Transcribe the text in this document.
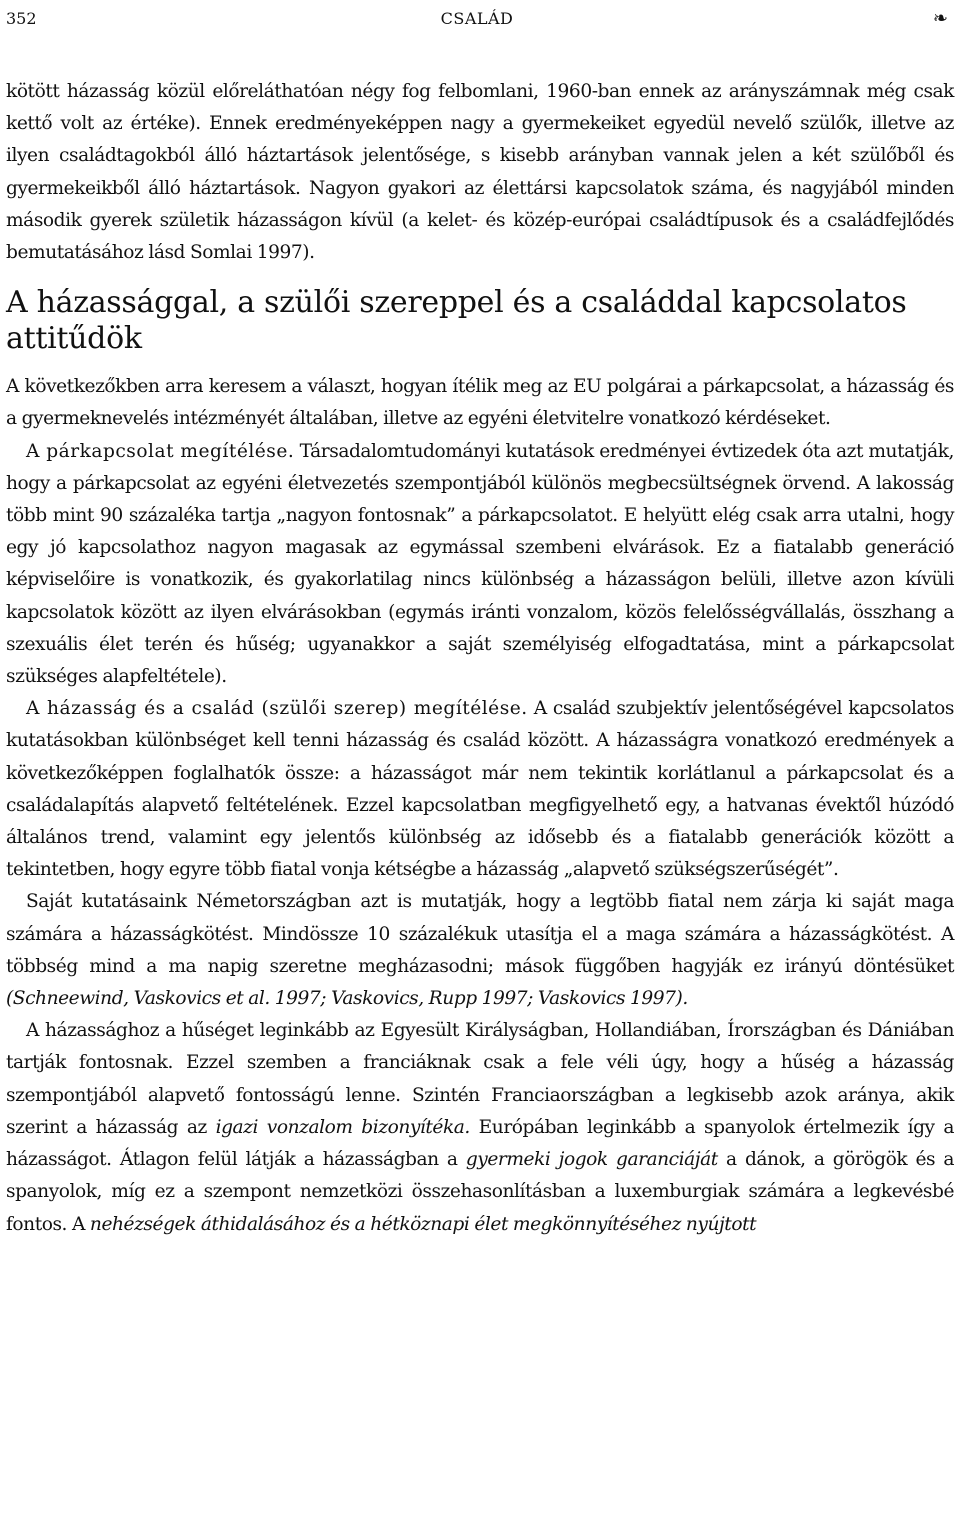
352	CSALÁD	❧

kötött házasság közül előreláthatóan négy fog felbomlani, 1960-ban ennek az arányszámnak még csak kettő volt az értéke). Ennek eredményeképpen nagy a gyermekeiket egyedül nevelő szülők, illetve az ilyen családtagokból álló háztartások jelentősége, s kisebb arányban vannak jelen a két szülőből és gyermekeikből álló háztartások. Nagyon gyakori az élettársi kapcsolatok száma, és nagyjából minden második gyerek születik házasságon kívül (a kelet- és közép-európai családtípusok és a családfejlődés bemutatásához lásd Somlai 1997).

A házassággal, a szülői szereppel és a családdal kapcsolatos attitűdök

A következőkben arra keresem a választ, hogyan ítélik meg az EU polgárai a párkapcsolat, a házasság és a gyermeknevelés intézményét általában, illetve az egyéni életvitelre vonatkozó kérdéseket.

A párkapcsolat megítélése. Társadalomtudományi kutatások eredményei évtizedek óta azt mutatják, hogy a párkapcsolat az egyéni életvezetés szempontjából különös megbecsültségnek örvend. A lakosság több mint 90 százaléka tartja „nagyon fontosnak” a párkapcsolatot. E helyütt elég csak arra utalni, hogy egy jó kapcsolathoz nagyon magasak az egymással szembeni elvárások. Ez a fiatalabb generáció képviselőire is vonatkozik, és gyakorlatilag nincs különbség a házasságon belüli, illetve azon kívüli kapcsolatok között az ilyen elvárásokban (egymás iránti vonzalom, közös felelősségvállalás, összhang a szexuális élet terén és hűség; ugyanakkor a saját személyiség elfogadtatása, mint a párkapcsolat szükséges alapfeltétele).

A házasság és a család (szülői szerep) megítélése. A család szubjektív jelentőségével kapcsolatos kutatásokban különbséget kell tenni házasság és család között. A házasságra vonatkozó eredmények a következőképpen foglalhatók össze: a házasságot már nem tekintik korlátlanul a párkapcsolat és a családalapítás alapvető feltételének. Ezzel kapcsolatban megfigyelhető egy, a hatvanas évektől húzódó általános trend, valamint egy jelentős különbség az idősebb és a fiatalabb generációk között a tekintetben, hogy egyre több fiatal vonja kétségbe a házasság „alapvető szükségszerűségét”.

Saját kutatásaink Németországban azt is mutatják, hogy a legtöbb fiatal nem zárja ki saját maga számára a házasságkötést. Mindössze 10 százalékuk utasítja el a maga számára a házasságkötést. A többség mind a ma napig szeretne megházasodni; mások függőben hagyják ez irányú döntésüket (Schneewind, Vaskovics et al. 1997; Vaskovics, Rupp 1997; Vaskovics 1997).

A házassághoz a hűséget leginkább az Egyesült Királyságban, Hollandiában, Írországban és Dániában tartják fontosnak. Ezzel szemben a franciáknak csak a fele véli úgy, hogy a hűség a házasság szempontjából alapvető fontosságú lenne. Szintén Franciaországban a legkisebb azok aránya, akik szerint a házasság az igazi vonzalom bizonyítéka. Európában leginkább a spanyolok értelmezik így a házasságot. Átlagon felül látják a házasságban a gyermeki jogok garanciáját a dánok, a görögök és a spanyolok, míg ez a szempont nemzetközi összehasonlításban a luxemburgiak számára a legkevésbé fontos. A nehézségek áthidalásához és a hétköznapi élet megkönnyítéséhez nyújtott
